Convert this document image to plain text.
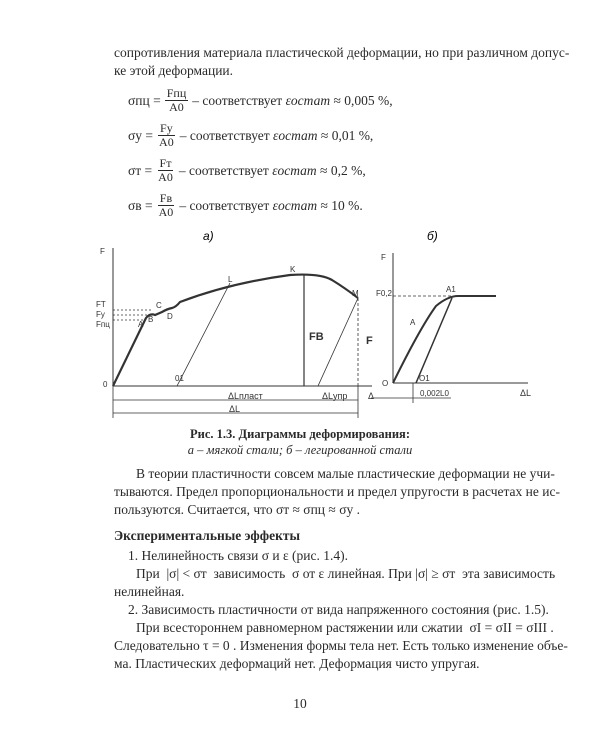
сопротивления материала пластической деформации, но при различном допус-

ке этой деформации.

$\sigma пц = \frac{\text{Fпц}}{A0}$ – соответствует
εостат
≈ 0,005 %,
$\sigma у = \frac{Fу}{A0}$ – соответствует
εостат
≈ 0,01 %,
$\sigma т = \frac{Fт}{A0}$ – соответствует
εостат
≈ 0,2 %,
$\sigma в = \frac{Fв}{A0}$ – соответствует
εостат
≈ 10 %.
а)	б)
F
FT
Fy
Fпц
0
01
A
B
C
D
L
K
M
FВ	F
ΔLпласт	ΔLупр
ΔL
Δ
F
F0,2	A1
A
O
O1
ΔL
0,002L0
Рис. 1.3. Диаграммы деформирования:
а – мягкой стали; б – легированной стали

В теории пластичности совсем малые пластические деформации не учи-

тываются. Предел пропорциональности и предел упругости в расчетах не ис-

пользуются. Считается, что σт ≈ σпц ≈ σу .

Экспериментальные эффекты

1. Нелинейность связи σ и ε (рис. 1.4).

При |σ| < σт зависимость σ от ε линейная. При |σ| ≥ σт эта зависимость

нелинейная.

2. Зависимость пластичности от вида напряженного состояния (рис. 1.5).

При всестороннем равномерном растяжении или сжатии σI = σII = σIII .

Следовательно τ = 0 . Изменения формы тела нет. Есть только изменение объе-

ма. Пластических деформаций нет. Деформация чисто упругая.

10
